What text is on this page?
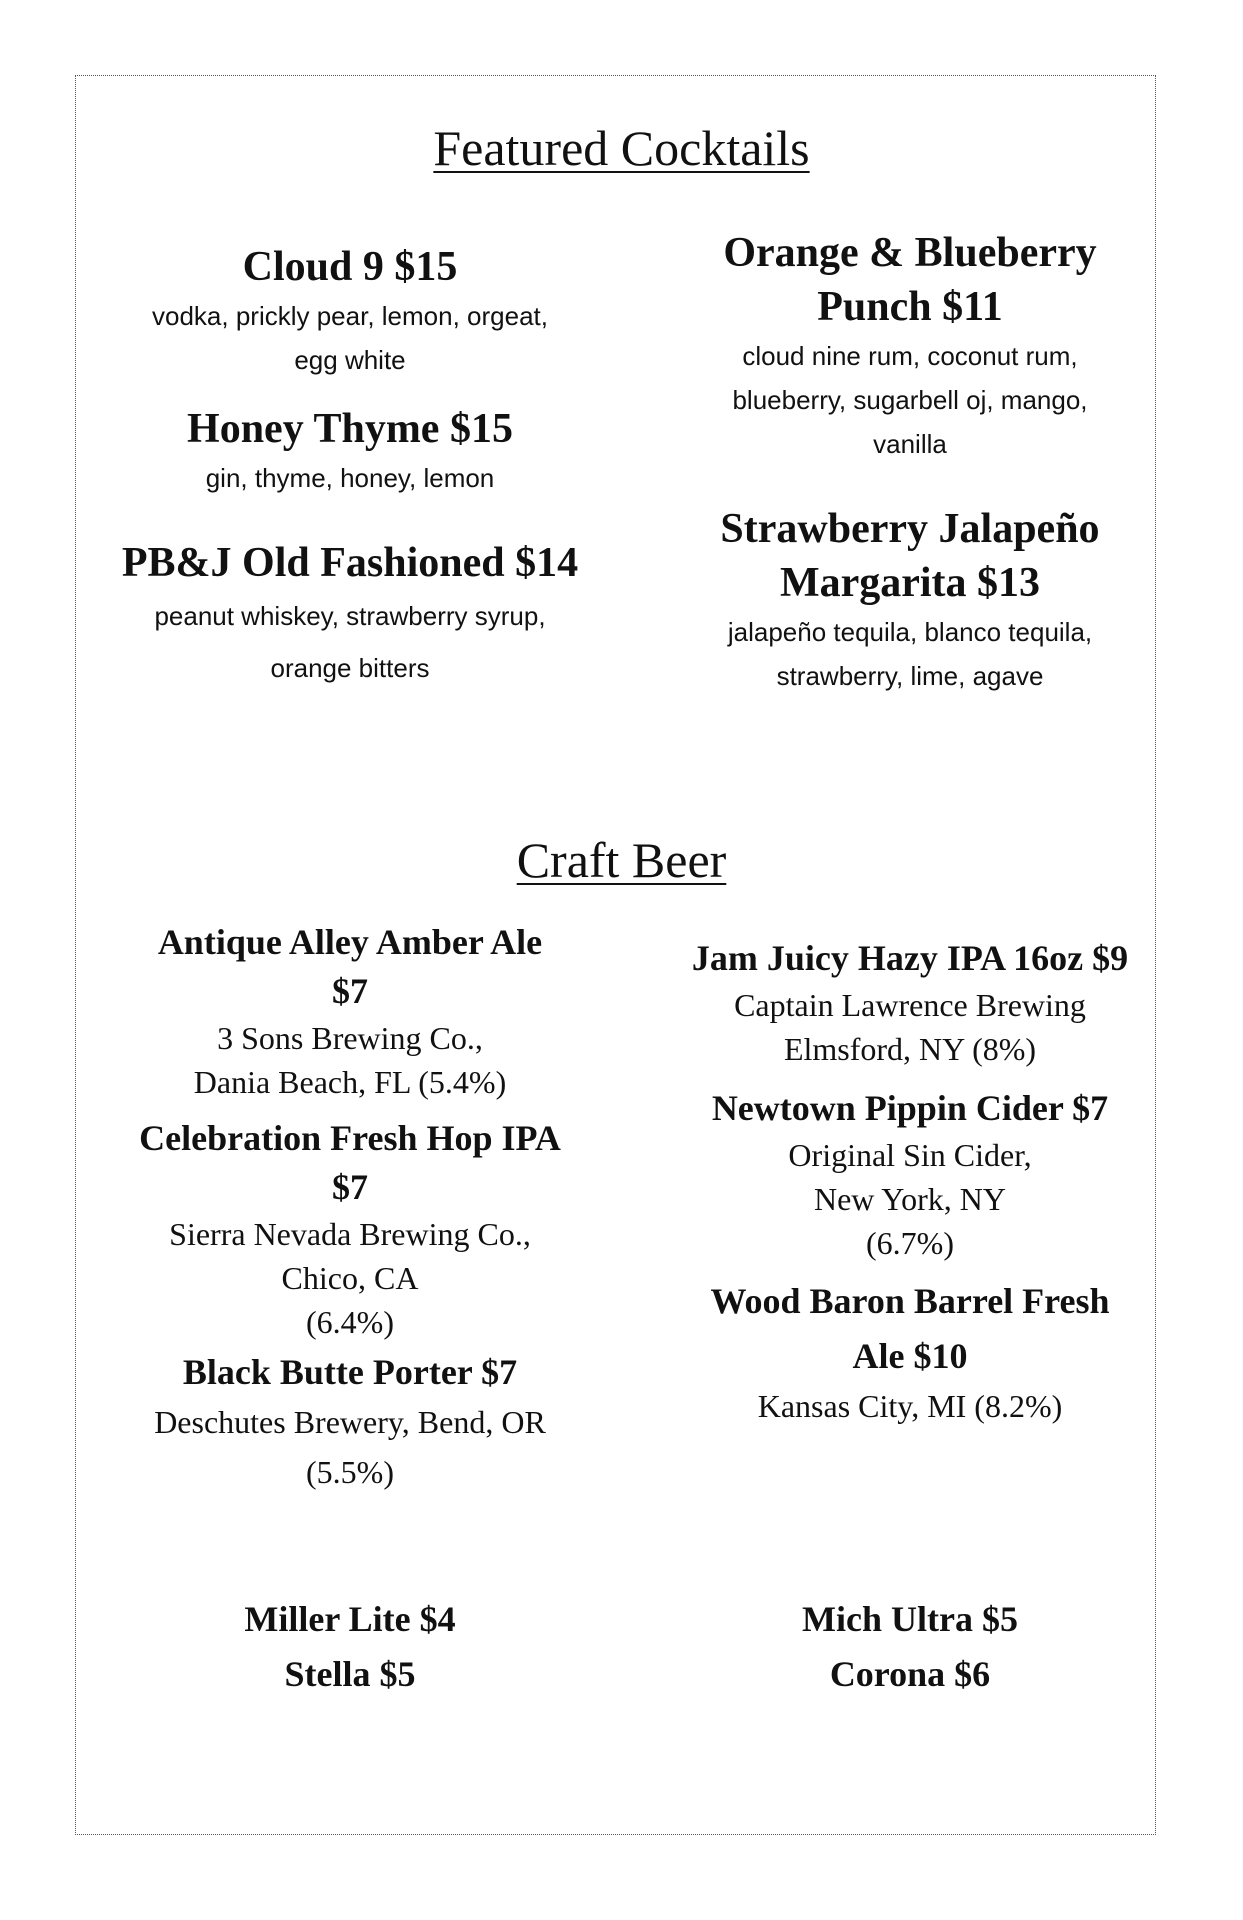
Featured Cocktails
Cloud 9 $15
vodka, prickly pear, lemon, orgeat,
egg white
Honey Thyme $15
gin, thyme, honey, lemon
PB&J Old Fashioned $14
peanut whiskey, strawberry syrup,
orange bitters
Orange & Blueberry
Punch $11
cloud nine rum, coconut rum,
blueberry, sugarbell oj, mango,
vanilla
Strawberry Jalapeño
Margarita $13
jalapeño tequila, blanco tequila,
strawberry, lime, agave
Craft Beer
Antique Alley Amber Ale
$7
3 Sons Brewing Co.,
Dania Beach, FL (5.4%)
Celebration Fresh Hop IPA
$7
Sierra Nevada Brewing Co.,
Chico, CA
(6.4%)
Black Butte Porter $7
Deschutes Brewery, Bend, OR
(5.5%)
Jam Juicy Hazy IPA 16oz $9
Captain Lawrence Brewing
Elmsford, NY (8%)
Newtown Pippin Cider $7
Original Sin Cider,
New York, NY
(6.7%)
Wood Baron Barrel Fresh
Ale $10
Kansas City, MI (8.2%)
Miller Lite $4
Stella $5
Mich Ultra $5
Corona $6
